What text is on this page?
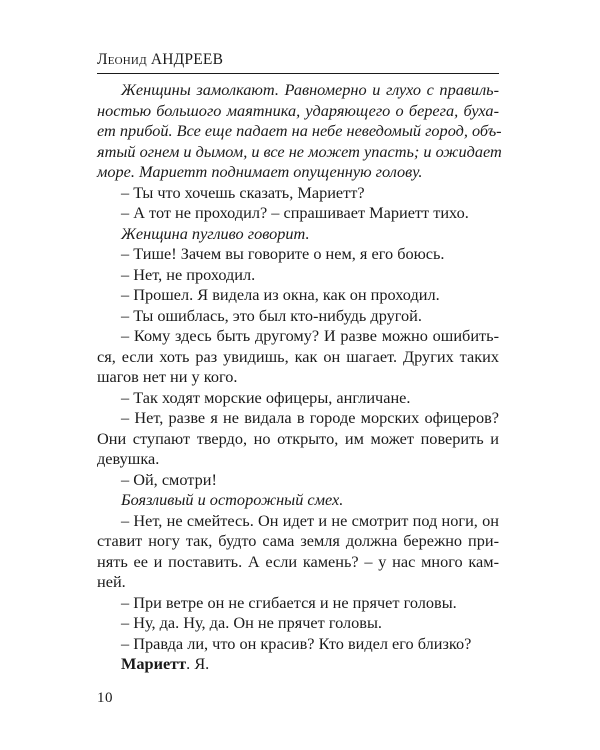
Леонид АНДРЕЕВ
Женщины замолкают. Равномерно и глухо с правиль-
ностью большого маятника, ударяющего о берега, буха-
ет прибой. Все еще падает на небе неведомый город, объ-
ятый огнем и дымом, и все не может упасть; и ожидает
море. Мариетт поднимает опущенную голову.
– Ты что хочешь сказать, Мариетт?
– А тот не проходил? – спрашивает Мариетт тихо.
Женщина пугливо говорит.
– Тише! Зачем вы говорите о нем, я его боюсь.
– Нет, не проходил.
– Прошел. Я видела из окна, как он проходил.
– Ты ошиблась, это был кто-нибудь другой.
– Кому здесь быть другому? И разве можно ошибить-
ся, если хоть раз увидишь, как он шагает. Других таких
шагов нет ни у кого.
– Так ходят морские офицеры, англичане.
– Нет, разве я не видала в городе морских офицеров?
Они ступают твердо, но открыто, им может поверить и
девушка.
– Ой, смотри!
Боязливый и осторожный смех.
– Нет, не смейтесь. Он идет и не смотрит под ноги, он
ставит ногу так, будто сама земля должна бережно при-
нять ее и поставить. А если камень? – у нас много кам-
ней.
– При ветре он не сгибается и не прячет головы.
– Ну, да. Ну, да. Он не прячет головы.
– Правда ли, что он красив? Кто видел его близко?
Мариетт. Я.
10
